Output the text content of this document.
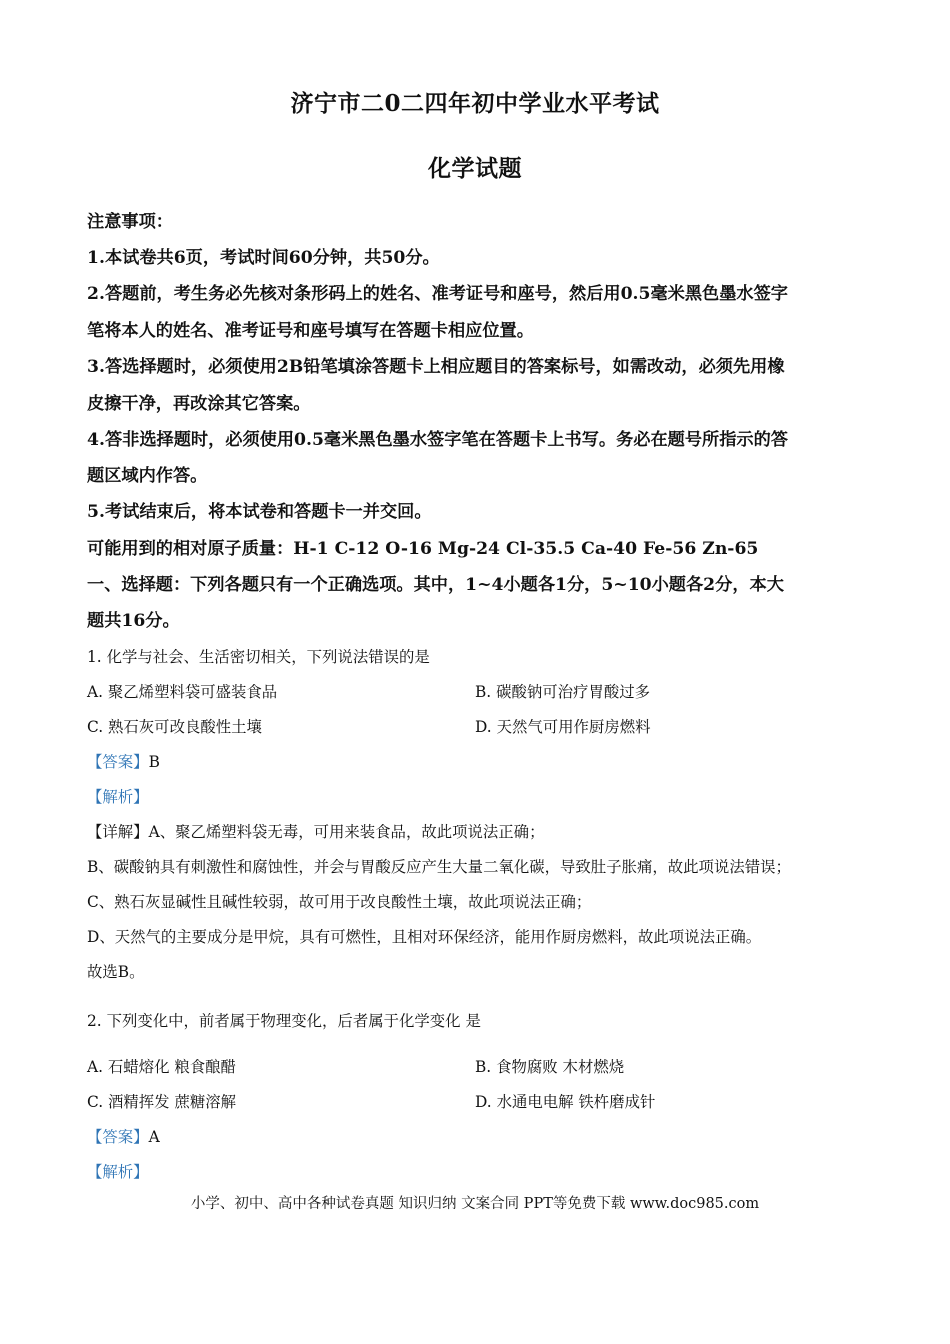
济宁市二0二四年初中学业水平考试
化学试题
注意事项：
1.本试卷共6页，考试时间60分钟，共50分。
2.答题前，考生务必先核对条形码上的姓名、准考证号和座号，然后用0.5毫米黑色墨水签字
笔将本人的姓名、准考证号和座号填写在答题卡相应位置。
3.答选择题时，必须使用2B铅笔填涂答题卡上相应题目的答案标号，如需改动，必须先用橡
皮擦干净，再改涂其它答案。
4.答非选择题时，必须使用0.5毫米黑色墨水签字笔在答题卡上书写。务必在题号所指示的答
题区域内作答。
5.考试结束后，将本试卷和答题卡一并交回。
可能用到的相对原子质量：H-1 C-12 O-16 Mg-24 Cl-35.5 Ca-40 Fe-56 Zn-65
一、选择题：下列各题只有一个正确选项。其中，1~4小题各1分，5~10小题各2分，本大
题共16分。
1. 化学与社会、生活密切相关，下列说法错误的是
A. 聚乙烯塑料袋可盛装食品	B. 碳酸钠可治疗胃酸过多
C. 熟石灰可改良酸性土壤	D. 天然气可用作厨房燃料
【答案】B
【解析】
【详解】A、聚乙烯塑料袋无毒，可用来装食品，故此项说法正确；
B、碳酸钠具有刺激性和腐蚀性，并会与胃酸反应产生大量二氧化碳，导致肚子胀痛，故此项说法错误；
C、熟石灰显碱性且碱性较弱，故可用于改良酸性土壤，故此项说法正确；
D、天然气的主要成分是甲烷，具有可燃性，且相对环保经济，能用作厨房燃料，故此项说法正确。
故选B。
2. 下列变化中，前者属于物理变化，后者属于化学变化 是
A. 石蜡熔化 粮食酿醋	B. 食物腐败 木材燃烧
C. 酒精挥发 蔗糖溶解	D. 水通电电解 铁杵磨成针
【答案】A
【解析】
小学、初中、高中各种试卷真题 知识归纳 文案合同 PPT等免费下载 www.doc985.com
